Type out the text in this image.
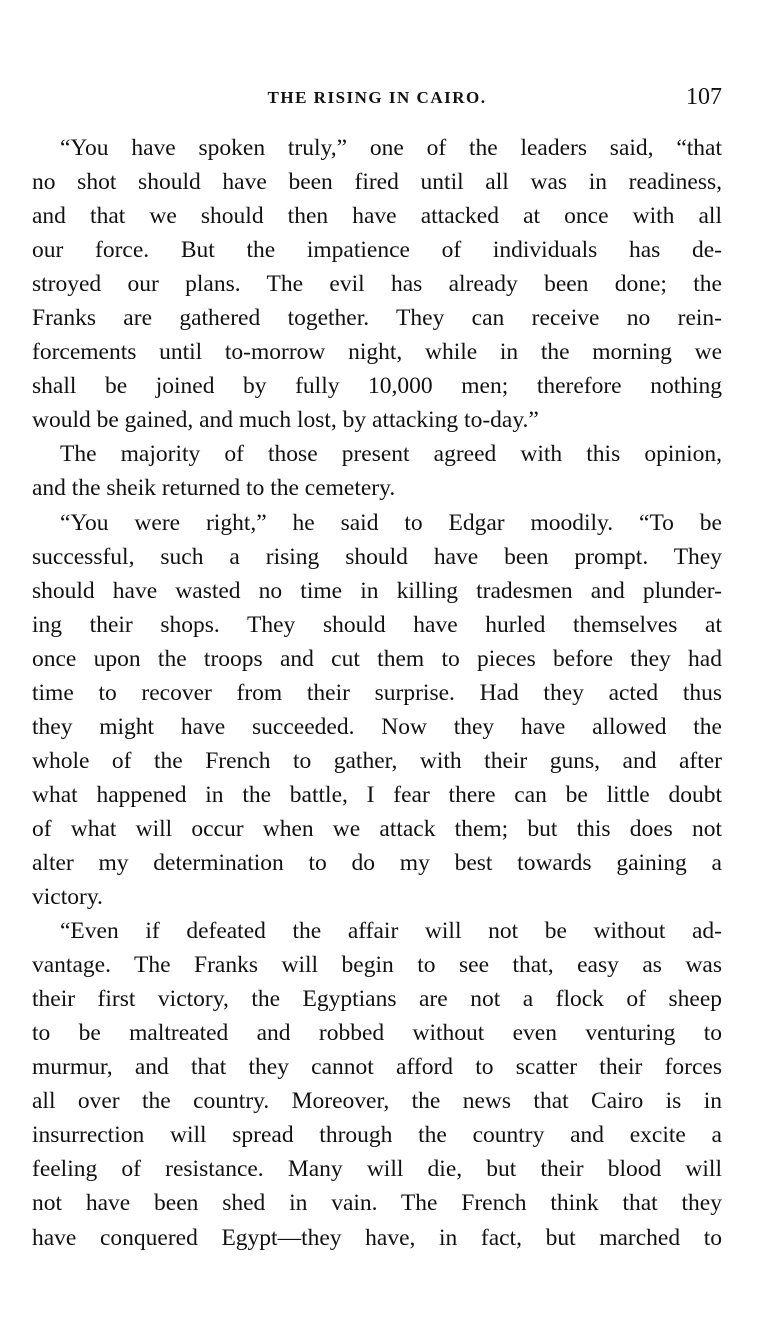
THE RISING IN CAIRO.	107
“You have spoken truly,” one of the leaders said, “that
no shot should have been fired until all was in readiness,
and that we should then have attacked at once with all
our force. But the impatience of individuals has de-
stroyed our plans. The evil has already been done; the
Franks are gathered together. They can receive no rein-
forcements until to-morrow night, while in the morning we
shall be joined by fully 10,000 men; therefore nothing
would be gained, and much lost, by attacking to-day.”
The majority of those present agreed with this opinion,
and the sheik returned to the cemetery.
“You were right,” he said to Edgar moodily. “To be
successful, such a rising should have been prompt. They
should have wasted no time in killing tradesmen and plunder-
ing their shops. They should have hurled themselves at
once upon the troops and cut them to pieces before they had
time to recover from their surprise. Had they acted thus
they might have succeeded. Now they have allowed the
whole of the French to gather, with their guns, and after
what happened in the battle, I fear there can be little doubt
of what will occur when we attack them; but this does not
alter my determination to do my best towards gaining a
victory.
“Even if defeated the affair will not be without ad-
vantage. The Franks will begin to see that, easy as was
their first victory, the Egyptians are not a flock of sheep
to be maltreated and robbed without even venturing to
murmur, and that they cannot afford to scatter their forces
all over the country. Moreover, the news that Cairo is in
insurrection will spread through the country and excite a
feeling of resistance. Many will die, but their blood will
not have been shed in vain. The French think that they
have conquered Egypt—they have, in fact, but marched to
